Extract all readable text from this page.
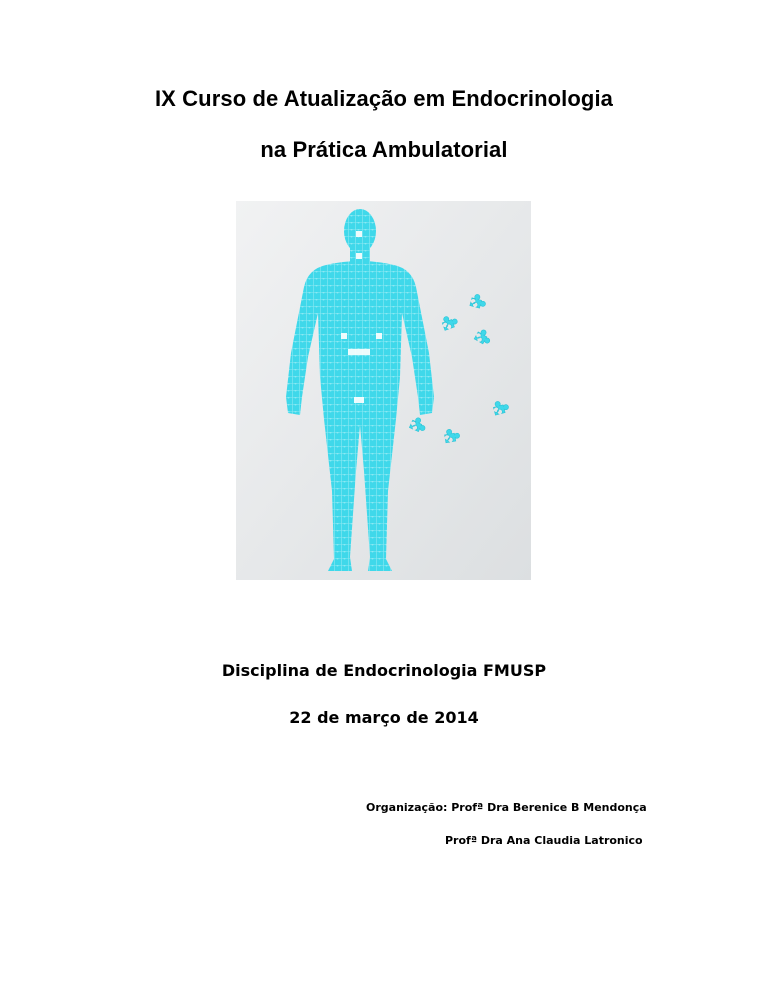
IX Curso de Atualização em Endocrinologia
na Prática Ambulatorial
Disciplina de Endocrinologia FMUSP
22 de março de 2014
Organização: Profª Dra Berenice B Mendonça
Profª Dra Ana Claudia Latronico
